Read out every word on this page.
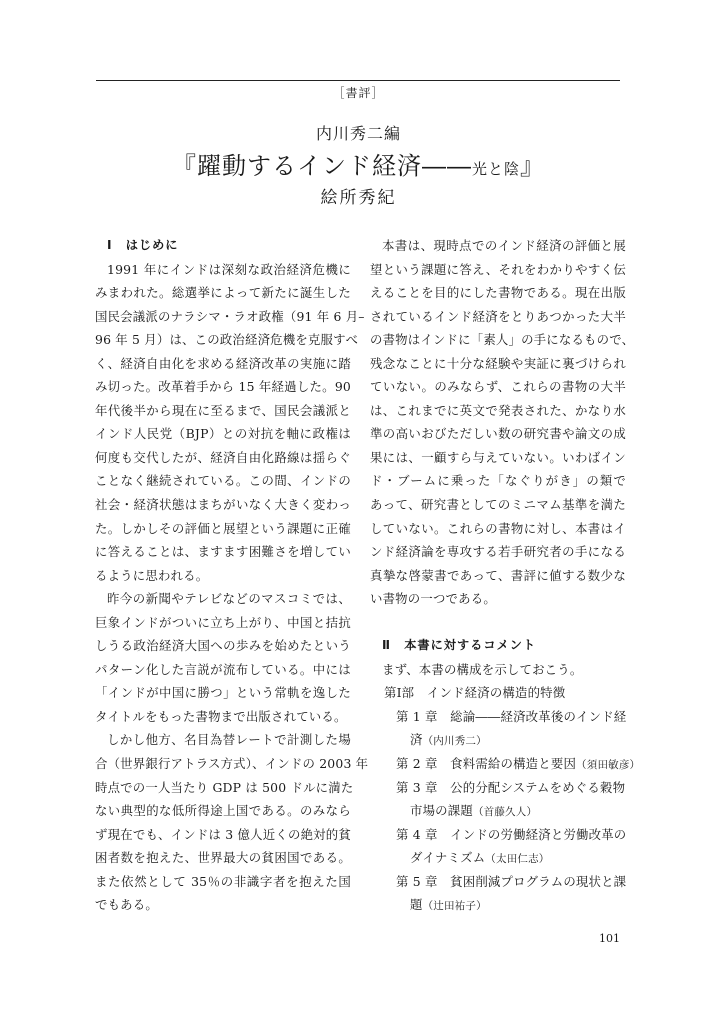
［書評］
内川秀二編
『躍動するインド経済――光と陰』
絵所秀紀
Ⅰ　はじめに
1991 年にインドは深刻な政治経済危機に
みまわれた。総選挙によって新たに誕生した
国民会議派のナラシマ・ラオ政権（91 年 6 月–
96 年 5 月）は、この政治経済危機を克服すべ
く、経済自由化を求める経済改革の実施に踏
み切った。改革着手から 15 年経過した。90
年代後半から現在に至るまで、国民会議派と
インド人民党（BJP）との対抗を軸に政権は
何度も交代したが、経済自由化路線は揺らぐ
ことなく継続されている。この間、インドの
社会・経済状態はまちがいなく大きく変わっ
た。しかしその評価と展望という課題に正確
に答えることは、ますます困難さを増してい
るように思われる。
昨今の新聞やテレビなどのマスコミでは、
巨象インドがついに立ち上がり、中国と拮抗
しうる政治経済大国への歩みを始めたという
パターン化した言説が流布している。中には
「インドが中国に勝つ」という常軌を逸した
タイトルをもった書物まで出版されている。
しかし他方、名目為替レートで計測した場
合（世界銀行アトラス方式）、インドの 2003 年
時点での一人当たり GDP は 500 ドルに満た
ない典型的な低所得途上国である。のみなら
ず現在でも、インドは 3 億人近くの絶対的貧
困者数を抱えた、世界最大の貧困国である。
また依然として 35％の非識字者を抱えた国
でもある。
本書は、現時点でのインド経済の評価と展
望という課題に答え、それをわかりやすく伝
えることを目的にした書物である。現在出版
されているインド経済をとりあつかった大半
の書物はインドに「素人」の手になるもので、
残念なことに十分な経験や実証に裏づけられ
ていない。のみならず、これらの書物の大半
は、これまでに英文で発表された、かなり水
準の高いおびただしい数の研究書や論文の成
果には、一顧すら与えていない。いわばイン
ド・ブームに乗った「なぐりがき」の類で
あって、研究書としてのミニマム基準を満た
していない。これらの書物に対し、本書はイ
ンド経済論を専攻する若手研究者の手になる
真摯な啓蒙書であって、書評に値する数少な
い書物の一つである。
Ⅱ　本書に対するコメント
まず、本書の構成を示しておこう。
第Ⅰ部　インド経済の構造的特徴
第 1 章　総論――経済改革後のインド経
済（内川秀二）
第 2 章　食料需給の構造と要因（須田敏彦）
第 3 章　公的分配システムをめぐる穀物
市場の課題（首藤久人）
第 4 章　インドの労働経済と労働改革の
ダイナミズム（太田仁志）
第 5 章　貧困削減プログラムの現状と課
題（辻田祐子）
101
